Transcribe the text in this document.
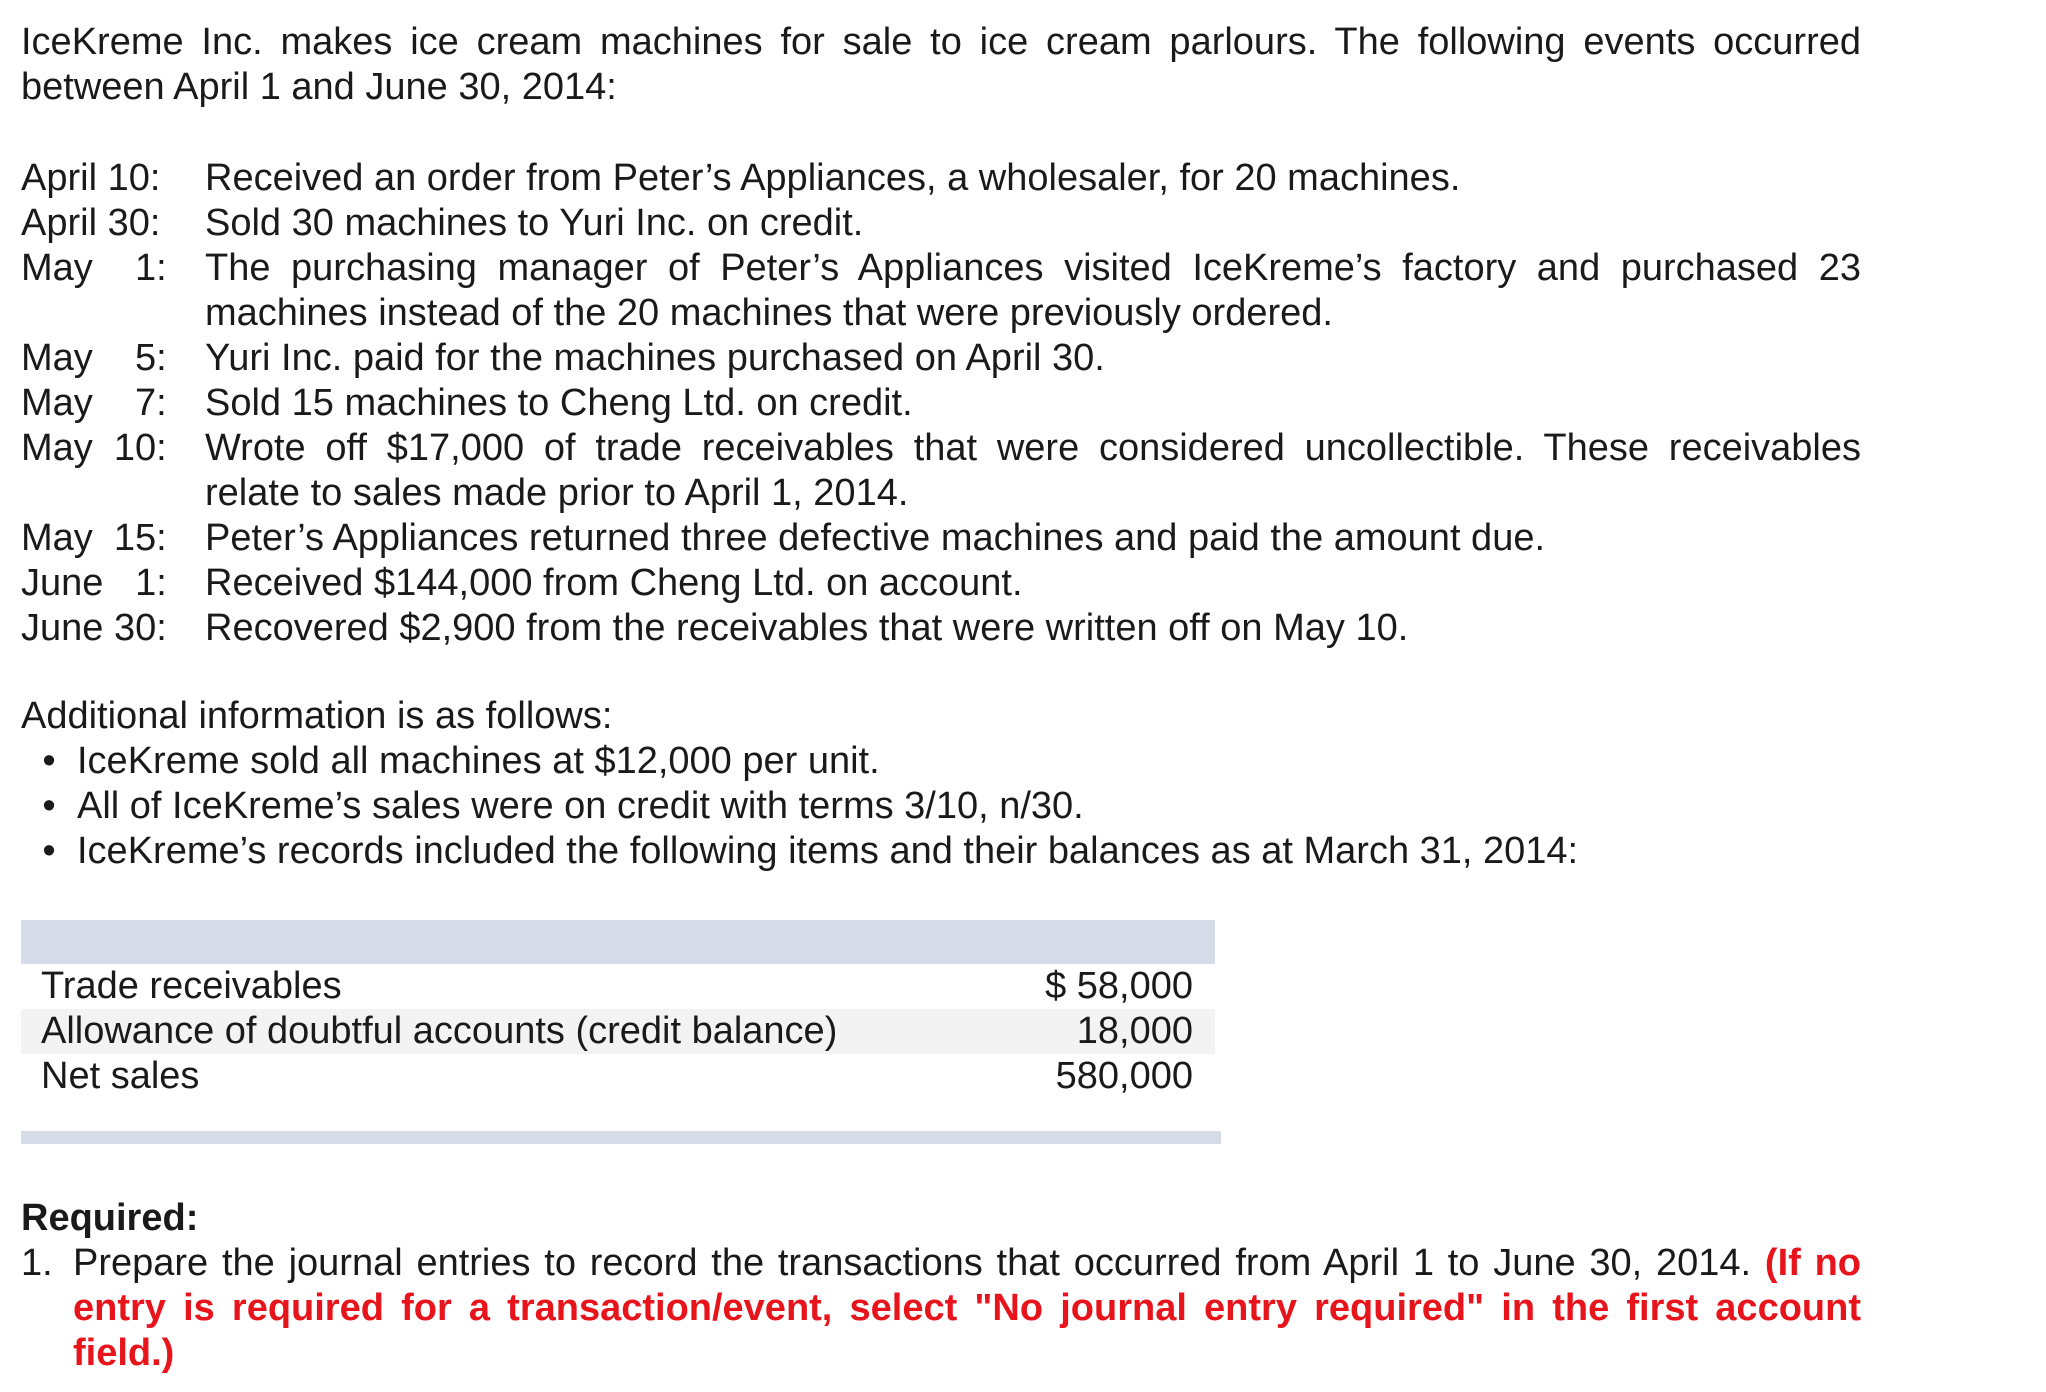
IceKreme Inc. makes ice cream machines for sale to ice cream parlours. The following events occurred between April 1 and June 30, 2014:
April 10:	Received an order from Peter’s Appliances, a wholesaler, for 20 machines.
April 30:	Sold 30 machines to Yuri Inc. on credit.
May    1:	The purchasing manager of Peter’s Appliances visited IceKreme’s factory and purchased 23 machines instead of the 20 machines that were previously ordered.
May    5:	Yuri Inc. paid for the machines purchased on April 30.
May    7:	Sold 15 machines to Cheng Ltd. on credit.
May  10:	Wrote off $17,000 of trade receivables that were considered uncollectible. These receivables relate to sales made prior to April 1, 2014.
May  15:	Peter’s Appliances returned three defective machines and paid the amount due.
June   1:	Received $144,000 from Cheng Ltd. on account.
June 30:	Recovered $2,900 from the receivables that were written off on May 10.
Additional information is as follows:
• IceKreme sold all machines at $12,000 per unit.
• All of IceKreme’s sales were on credit with terms 3/10, n/30.
• IceKreme’s records included the following items and their balances as at March 31, 2014:
Trade receivables	$ 58,000
Allowance of doubtful accounts (credit balance)	18,000
Net sales	580,000
Required:
1. Prepare the journal entries to record the transactions that occurred from April 1 to June 30, 2014. (If no entry is required for a transaction/event, select "No journal entry required" in the first account field.)
